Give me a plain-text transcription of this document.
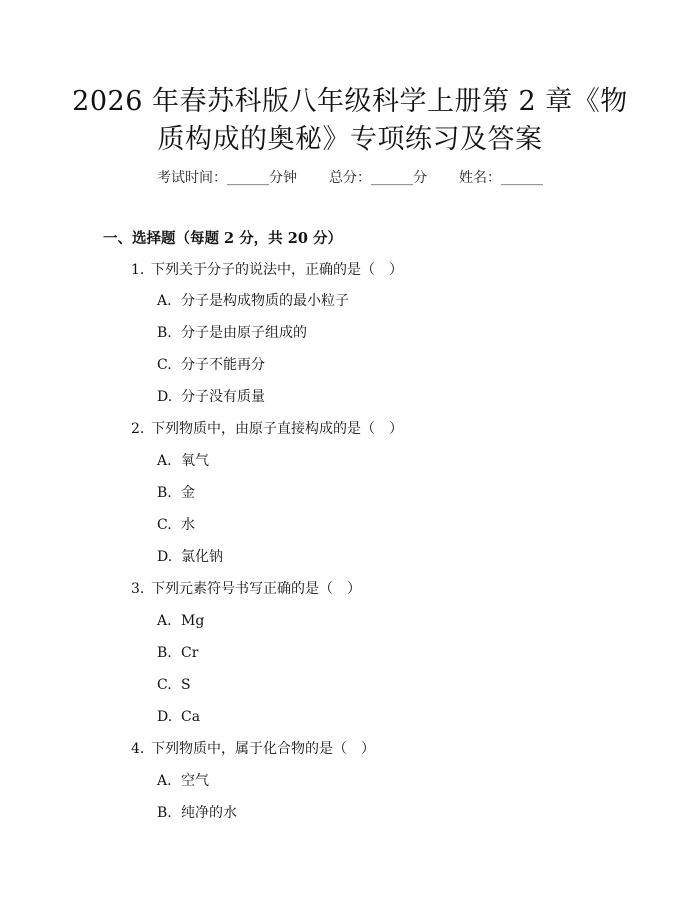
2026 年春苏科版八年级科学上册第 2 章《物
质构成的奥秘》专项练习及答案
考试时间：______分钟 总分：______分 姓名：______
一、选择题（每题 2 分，共 20 分）
1. 下列关于分子的说法中，正确的是（　）
A. 分子是构成物质的最小粒子
B. 分子是由原子组成的
C. 分子不能再分
D. 分子没有质量
2. 下列物质中，由原子直接构成的是（　）
A. 氧气
B. 金
C. 水
D. 氯化钠
3. 下列元素符号书写正确的是（　）
A. Mg
B. Cr
C. S
D. Ca
4. 下列物质中，属于化合物的是（　）
A. 空气
B. 纯净的水
